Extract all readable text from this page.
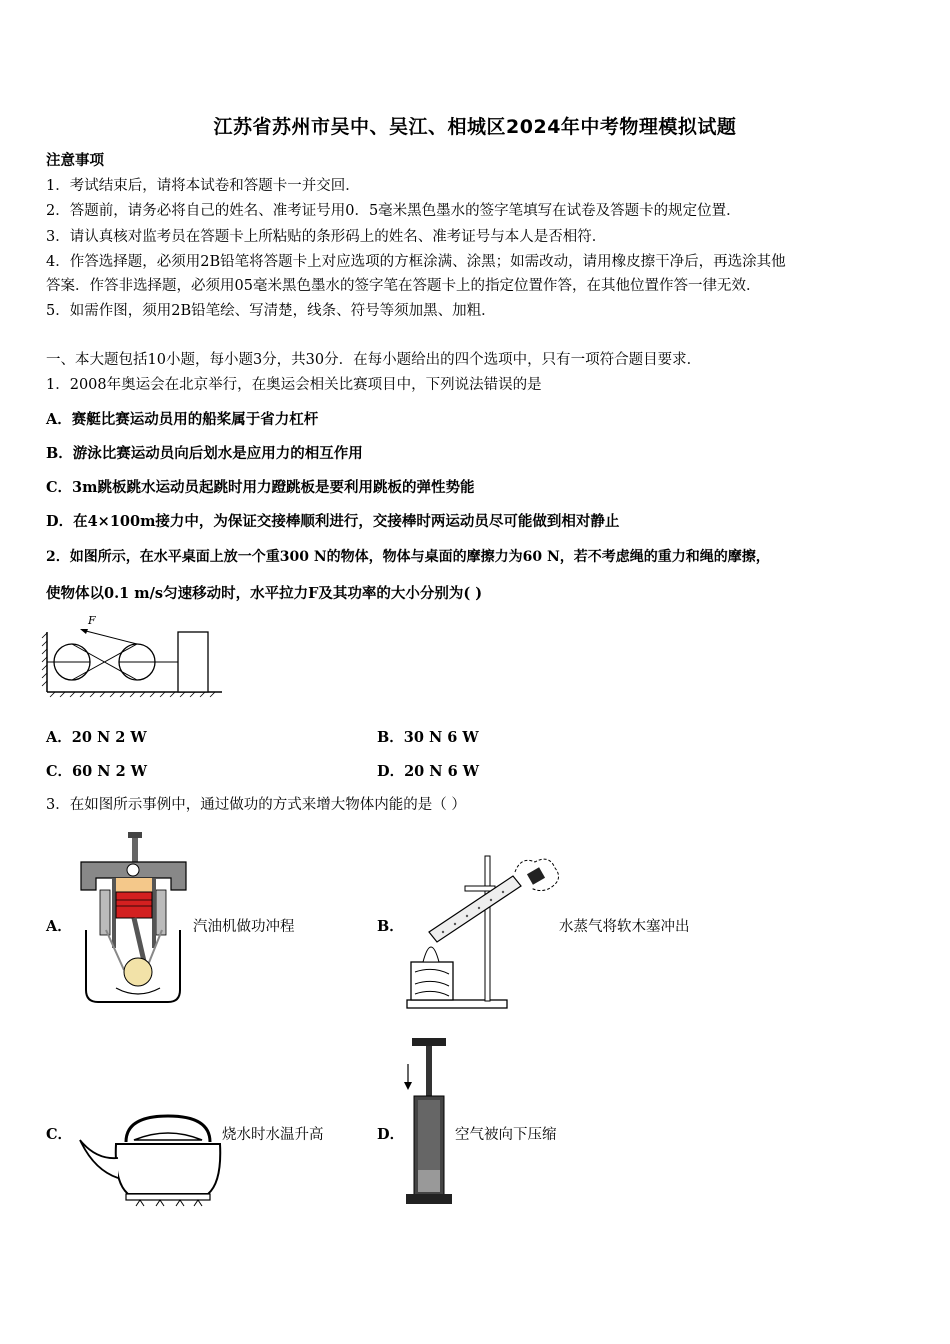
江苏省苏州市吴中、吴江、相城区2024年中考物理模拟试题
注意事项
1．考试结束后，请将本试卷和答题卡一并交回．
2．答题前，请务必将自己的姓名、准考证号用0．5毫米黑色墨水的签字笔填写在试卷及答题卡的规定位置．
3．请认真核对监考员在答题卡上所粘贴的条形码上的姓名、准考证号与本人是否相符．
4．作答选择题，必须用2B铅笔将答题卡上对应选项的方框涂满、涂黑；如需改动，请用橡皮擦干净后，再选涂其他
答案．作答非选择题，必须用05毫米黑色墨水的签字笔在答题卡上的指定位置作答，在其他位置作答一律无效．
5．如需作图，须用2B铅笔绘、写清楚，线条、符号等须加黑、加粗．
一、本大题包括10小题，每小题3分，共30分．在每小题给出的四个选项中，只有一项符合题目要求．
1．2008年奥运会在北京举行，在奥运会相关比赛项目中，下列说法错误的是
A．赛艇比赛运动员用的船桨属于省力杠杆
B．游泳比赛运动员向后划水是应用力的相互作用
C．3m跳板跳水运动员起跳时用力蹬跳板是要利用跳板的弹性势能
D．在4×100m接力中，为保证交接棒顺利进行，交接棒时两运动员尽可能做到相对静止
2．如图所示，在水平桌面上放一个重300 N的物体，物体与桌面的摩擦力为60 N，若不考虑绳的重力和绳的摩擦，
使物体以0.1 m/s匀速移动时，水平拉力F及其功率的大小分别为( )
F
A．20 N 2 W	B．30 N 6 W
C．60 N 2 W	D．20 N 6 W
3．在如图所示事例中，通过做功的方式来增大物体内能的是（ ）
A．	汽油机做功冲程	B．	水蒸气将软木塞冲出
C．	烧水时水温升高	D．	空气被向下压缩
